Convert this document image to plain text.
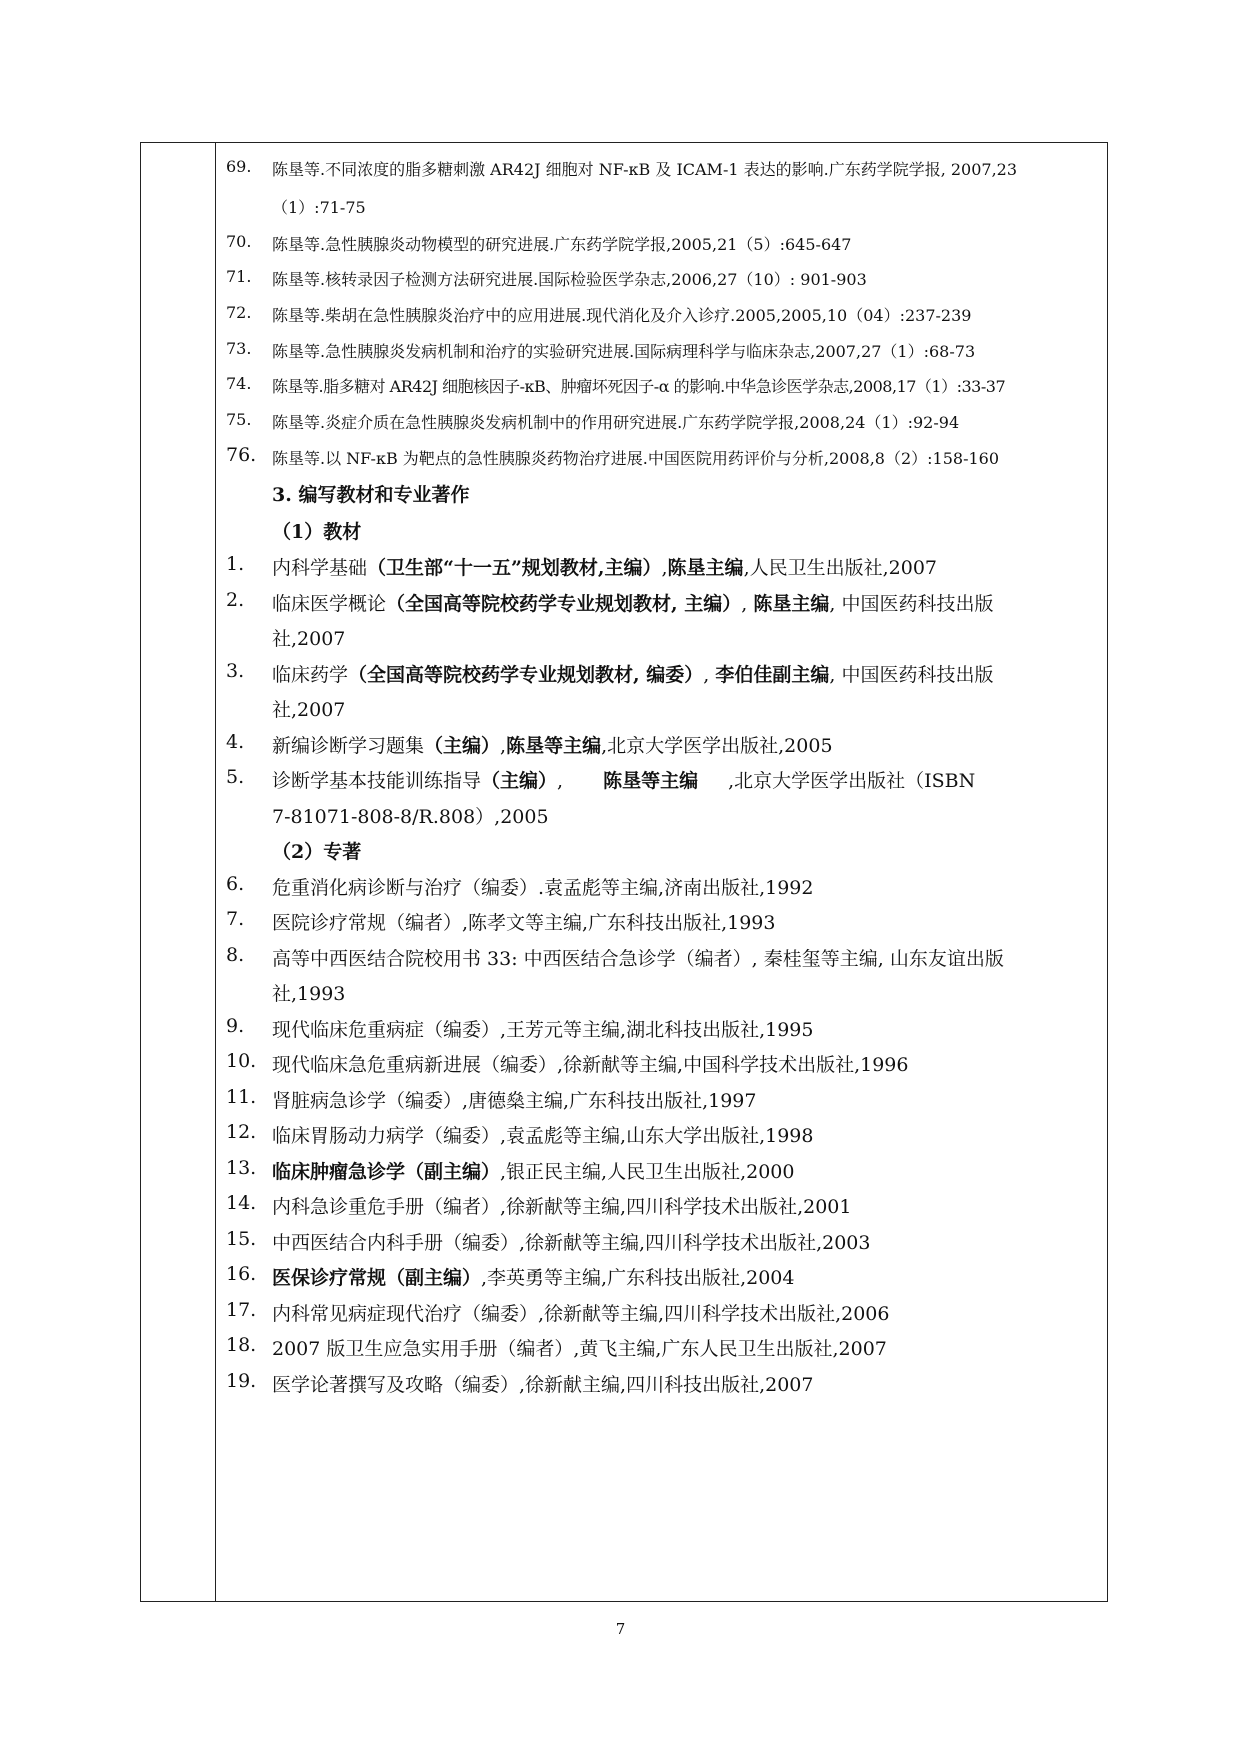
69. 陈垦等.不同浓度的脂多糖刺激 AR42J 细胞对 NF-κB 及 ICAM-1 表达的影响.广东药学院学报, 2007,23
（1）:71-75
70. 陈垦等.急性胰腺炎动物模型的研究进展.广东药学院学报,2005,21（5）:645-647
71. 陈垦等.核转录因子检测方法研究进展.国际检验医学杂志,2006,27（10）: 901-903
72. 陈垦等.柴胡在急性胰腺炎治疗中的应用进展.现代消化及介入诊疗.2005,2005,10（04）:237-239
73. 陈垦等.急性胰腺炎发病机制和治疗的实验研究进展.国际病理科学与临床杂志,2007,27（1）:68-73
74. 陈垦等.脂多糖对 AR42J 细胞核因子-κB、肿瘤坏死因子-α 的影响.中华急诊医学杂志,2008,17（1）:33-37
75. 陈垦等.炎症介质在急性胰腺炎发病机制中的作用研究进展.广东药学院学报,2008,24（1）:92-94
76. 陈垦等.以 NF-κB 为靶点的急性胰腺炎药物治疗进展.中国医院用药评价与分析,2008,8（2）:158-160
3. 编写教材和专业著作
（1）教材
1. 内科学基础（卫生部“十一五”规划教材,主编）,陈垦主编,人民卫生出版社,2007
2. 临床医学概论（全国高等院校药学专业规划教材, 主编）, 陈垦主编, 中国医药科技出版
社,2007
3. 临床药学（全国高等院校药学专业规划教材, 编委）, 李伯佳副主编, 中国医药科技出版
社,2007
4. 新编诊断学习题集（主编）,陈垦等主编,北京大学医学出版社,2005
5. 诊断学基本技能训练指导（主编）, 陈垦等主编 ,北京大学医学出版社（ISBN
7-81071-808-8/R.808）,2005
（2）专著
6. 危重消化病诊断与治疗（编委）.袁孟彪等主编,济南出版社,1992
7. 医院诊疗常规（编者）,陈孝文等主编,广东科技出版社,1993
8. 高等中西医结合院校用书 33: 中西医结合急诊学（编者）, 秦桂玺等主编, 山东友谊出版
社,1993
9. 现代临床危重病症（编委）,王芳元等主编,湖北科技出版社,1995
10. 现代临床急危重病新进展（编委）,徐新献等主编,中国科学技术出版社,1996
11. 肾脏病急诊学（编委）,唐德燊主编,广东科技出版社,1997
12. 临床胃肠动力病学（编委）,袁孟彪等主编,山东大学出版社,1998
13. 临床肿瘤急诊学（副主编）,银正民主编,人民卫生出版社,2000
14. 内科急诊重危手册（编者）,徐新献等主编,四川科学技术出版社,2001
15. 中西医结合内科手册（编委）,徐新献等主编,四川科学技术出版社,2003
16. 医保诊疗常规（副主编）,李英勇等主编,广东科技出版社,2004
17. 内科常见病症现代治疗（编委）,徐新献等主编,四川科学技术出版社,2006
18. 2007 版卫生应急实用手册（编者）,黄飞主编,广东人民卫生出版社,2007
19. 医学论著撰写及攻略（编委）,徐新献主编,四川科技出版社,2007
7
